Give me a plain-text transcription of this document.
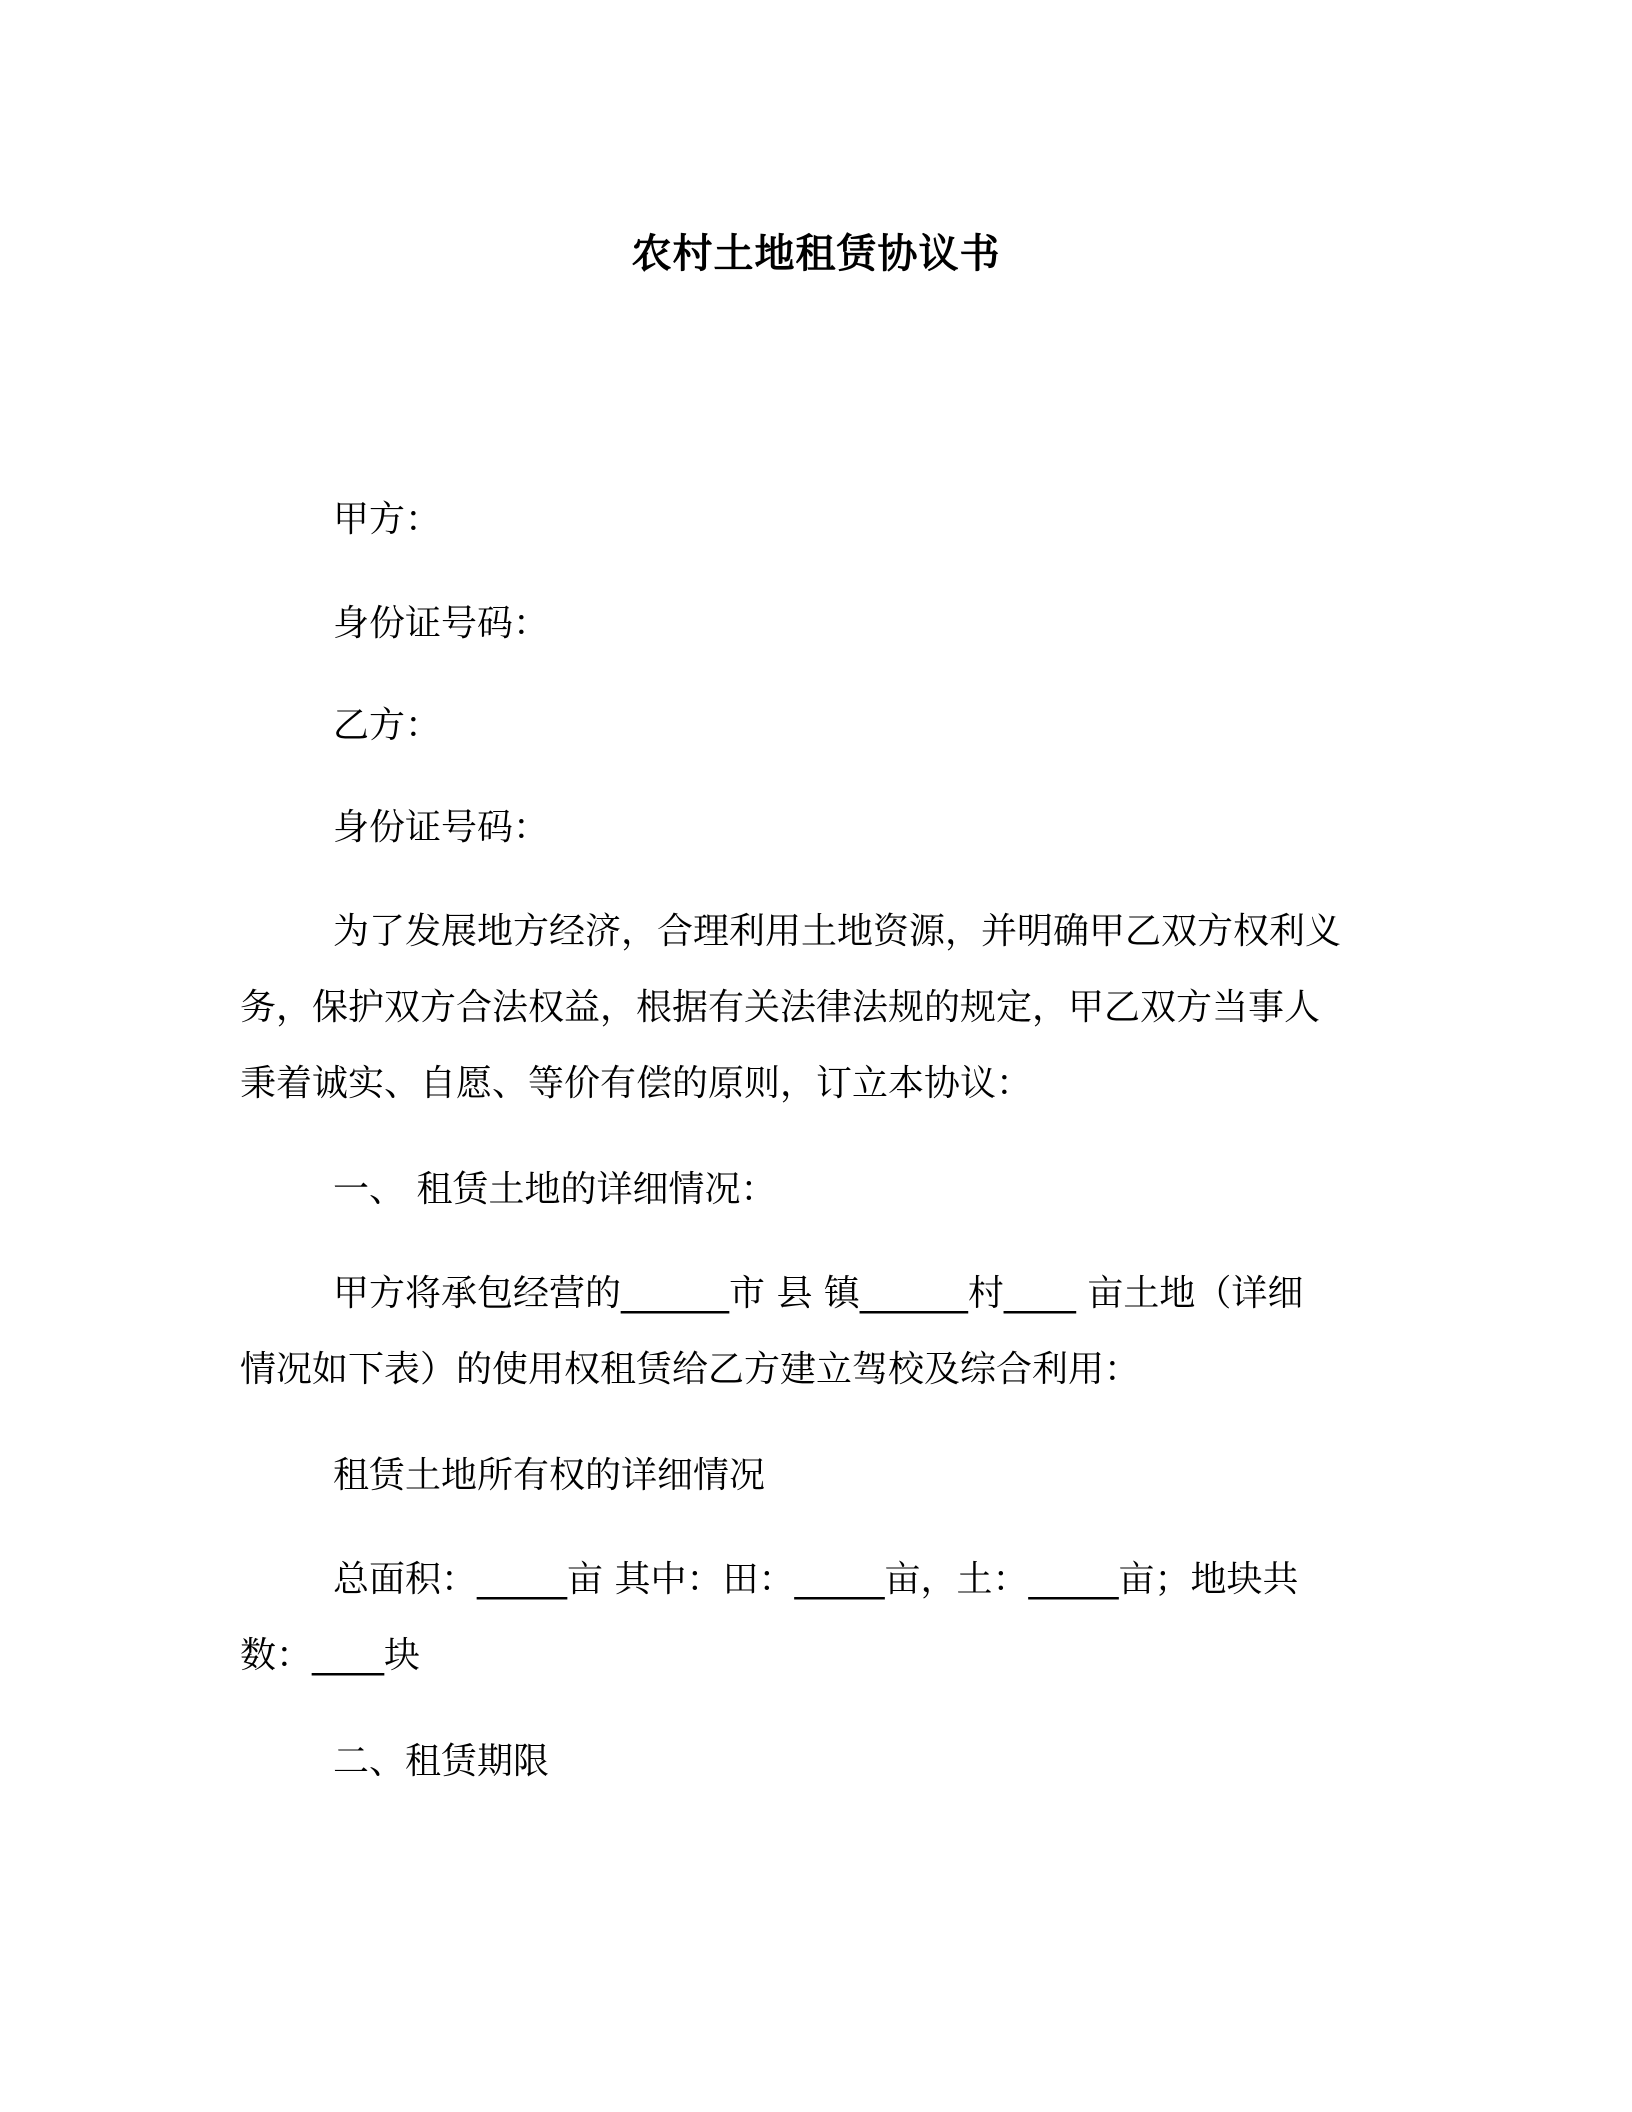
农村土地租赁协议书
甲方：
身份证号码：
乙方：
身份证号码：
为了发展地方经济，合理利用土地资源，并明确甲乙双方权利义
务，保护双方合法权益，根据有关法律法规的规定，甲乙双方当事人
秉着诚实、自愿、等价有偿的原则，订立本协议：
一、 租赁土地的详细情况：
甲方将承包经营的______市 县 镇______村____ 亩土地（详细
情况如下表）的使用权租赁给乙方建立驾校及综合利用：
租赁土地所有权的详细情况
总面积：_____亩 其中：田：_____亩，土：_____亩；地块共
数：____块
二、租赁期限
